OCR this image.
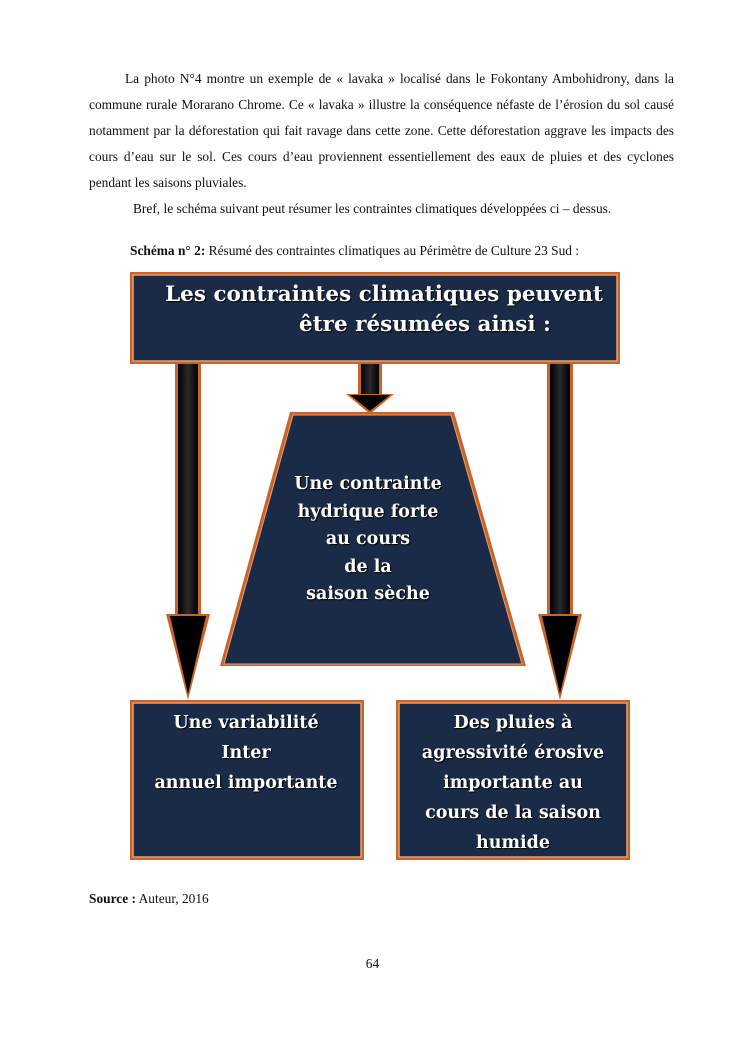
La photo N°4 montre un exemple de « lavaka » localisé dans le Fokontany Ambohidrony, dans la commune rurale Morarano Chrome. Ce « lavaka » illustre la conséquence néfaste de l’érosion du sol causé notamment par la déforestation qui fait ravage dans cette zone. Cette déforestation aggrave les impacts des cours d’eau sur le sol. Ces cours d’eau proviennent essentiellement des eaux de pluies et des cyclones pendant les saisons pluviales.

Bref, le schéma suivant peut résumer les contraintes climatiques développées ci – dessus.

Schéma n° 2: Résumé des contraintes climatiques au Périmètre de Culture 23 Sud :
Les contraintes climatiques peuvent
être résumées ainsi :
Une contrainte
hydrique forte
au cours
de la
saison sèche
Une variabilité
Inter
annuel importante
Des pluies à
agressivité érosive
importante au
cours de la saison
humide
Source : Auteur, 2016
64
